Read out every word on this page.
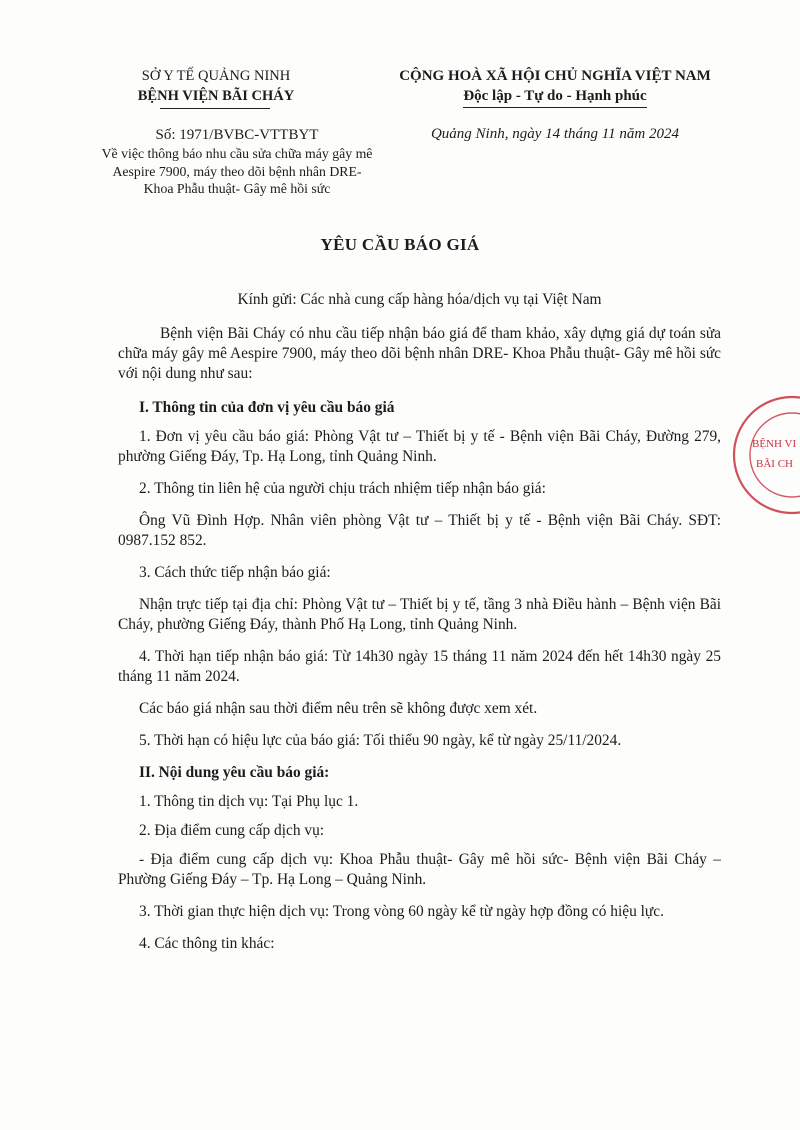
SỞ Y TẾ QUẢNG NINH
BỆNH VIỆN BÃI CHÁY
CỘNG HOÀ XÃ HỘI CHỦ NGHĨA VIỆT NAM
Độc lập - Tự do - Hạnh phúc
Số: 1971/BVBC-VTTBYT
Về việc thông báo nhu cầu sửa chữa máy gây mê Aespire 7900, máy theo dõi bệnh nhân DRE- Khoa Phẫu thuật- Gây mê hồi sức
Quảng Ninh, ngày 14 tháng 11 năm 2024
YÊU CẦU BÁO GIÁ

Kính gửi: Các nhà cung cấp hàng hóa/dịch vụ tại Việt Nam

Bệnh viện Bãi Cháy có nhu cầu tiếp nhận báo giá để tham khảo, xây dựng giá dự toán sửa chữa máy gây mê Aespire 7900, máy theo dõi bệnh nhân DRE- Khoa Phẫu thuật- Gây mê hồi sức với nội dung như sau:

I. Thông tin của đơn vị yêu cầu báo giá

1. Đơn vị yêu cầu báo giá: Phòng Vật tư – Thiết bị y tế - Bệnh viện Bãi Cháy, Đường 279, phường Giếng Đáy, Tp. Hạ Long, tỉnh Quảng Ninh.

2. Thông tin liên hệ của người chịu trách nhiệm tiếp nhận báo giá:

Ông Vũ Đình Hợp. Nhân viên phòng Vật tư – Thiết bị y tế - Bệnh viện Bãi Cháy. SĐT: 0987.152 852.

3. Cách thức tiếp nhận báo giá:

Nhận trực tiếp tại địa chỉ: Phòng Vật tư – Thiết bị y tế, tầng 3 nhà Điều hành – Bệnh viện Bãi Cháy, phường Giếng Đáy, thành Phố Hạ Long, tỉnh Quảng Ninh.

4. Thời hạn tiếp nhận báo giá: Từ 14h30 ngày 15 tháng 11 năm 2024 đến hết 14h30 ngày 25 tháng 11 năm 2024.

Các báo giá nhận sau thời điểm nêu trên sẽ không được xem xét.

5. Thời hạn có hiệu lực của báo giá: Tối thiểu 90 ngày, kể từ ngày 25/11/2024.

II. Nội dung yêu cầu báo giá:

1. Thông tin dịch vụ: Tại Phụ lục 1.

2. Địa điểm cung cấp dịch vụ:

- Địa điểm cung cấp dịch vụ: Khoa Phẫu thuật- Gây mê hồi sức- Bệnh viện Bãi Cháy – Phường Giếng Đáy – Tp. Hạ Long – Quảng Ninh.

3. Thời gian thực hiện dịch vụ: Trong vòng 60 ngày kể từ ngày hợp đồng có hiệu lực.

4. Các thông tin khác:

BỆNH VI
BÃI CH
